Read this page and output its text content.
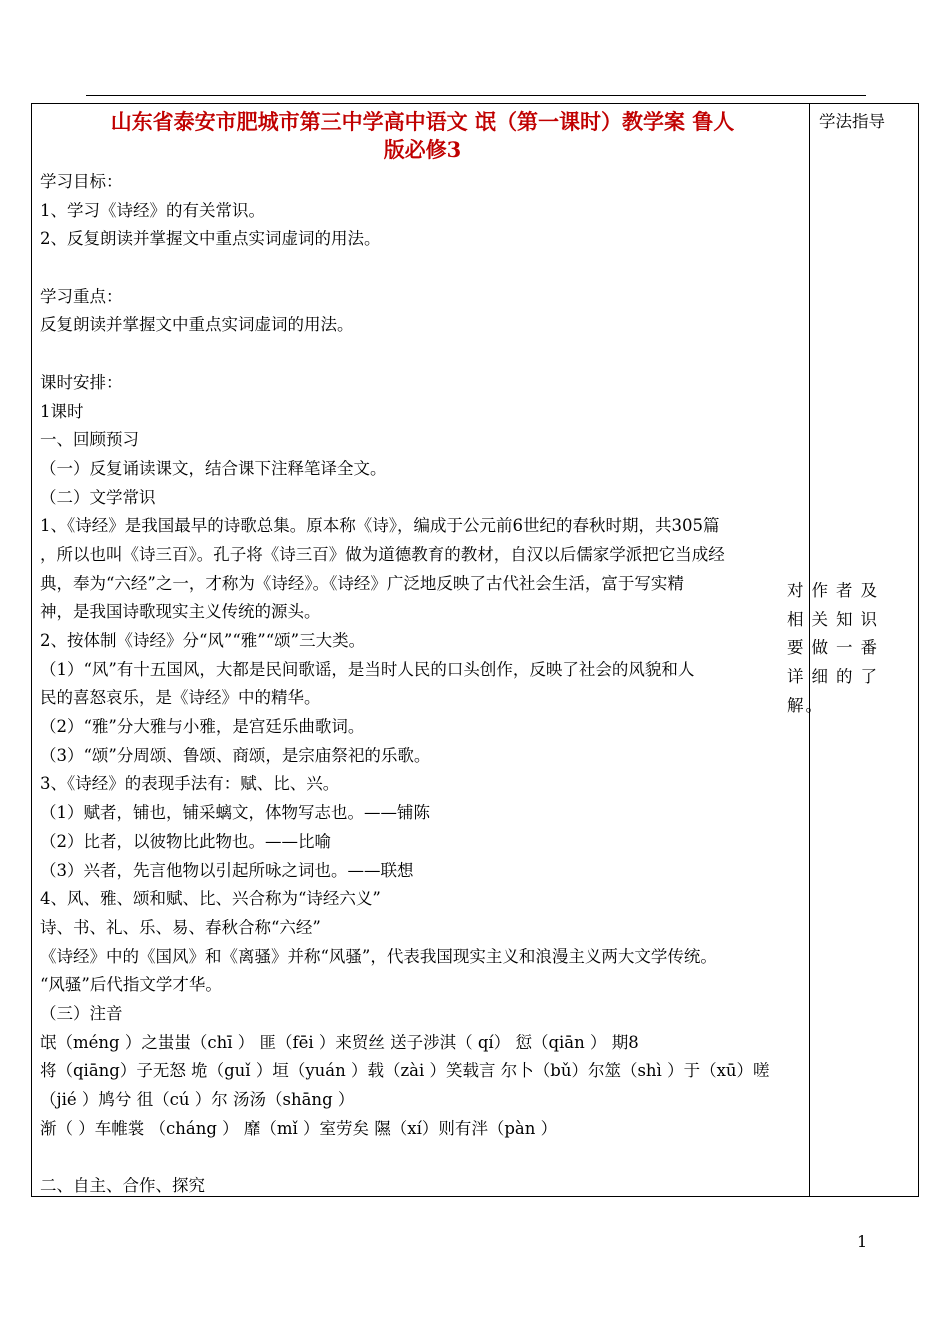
山东省泰安市肥城市第三中学高中语文 氓（第一课时）教学案 鲁人
版必修3
学习目标：
1、学习《诗经》的有关常识。
2、反复朗读并掌握文中重点实词虚词的用法。
学习重点：
反复朗读并掌握文中重点实词虚词的用法。
课时安排：
1课时
一、回顾预习
（一）反复诵读课文，结合课下注释笔译全文。
（二）文学常识
1、《诗经》是我国最早的诗歌总集。原本称《诗》，编成于公元前6世纪的春秋时期，共305篇
，所以也叫《诗三百》。孔子将《诗三百》做为道德教育的教材，自汉以后儒家学派把它当成经
典，奉为“六经”之一，才称为《诗经》。《诗经》广泛地反映了古代社会生活，富于写实精
神，是我国诗歌现实主义传统的源头。
2、按体制《诗经》分“风”“雅”“颂”三大类。
（1）“风”有十五国风，大都是民间歌谣，是当时人民的口头创作，反映了社会的风貌和人
民的喜怒哀乐，是《诗经》中的精华。
（2）“雅”分大雅与小雅，是宫廷乐曲歌词。
（3）“颂”分周颂、鲁颂、商颂，是宗庙祭祀的乐歌。
3、《诗经》的表现手法有：赋、比、兴。
（1）赋者，铺也，铺采螭文，体物写志也。——铺陈
（2）比者，以彼物比此物也。——比喻
（3）兴者，先言他物以引起所咏之词也。——联想
4、风、雅、颂和赋、比、兴合称为“诗经六义”
诗、书、礼、乐、易、春秋合称“六经”
《诗经》中的《国风》和《离骚》并称“风骚”，代表我国现实主义和浪漫主义两大文学传统。
“风骚”后代指文学才华。
（三）注音
氓（méng ）之蚩蚩（chī ） 匪（fēi ）来贸丝 送子涉淇（ qí） 愆（qiān ） 期8
将（qiāng）子无怒 垝（guǐ ）垣（yuán ）载（zài ）笑载言 尔卜（bǔ）尔筮（shì ）于（xū）嗟
（jié ）鸠兮 徂（cú ）尔 汤汤（shāng ）
渐（ ）车帷裳 （cháng ） 靡（mǐ ）室劳矣 隰（xí）则有泮（pàn ）
二、自主、合作、探究
学法指导
对作者及相关知识要做一番详细的了解。
1
